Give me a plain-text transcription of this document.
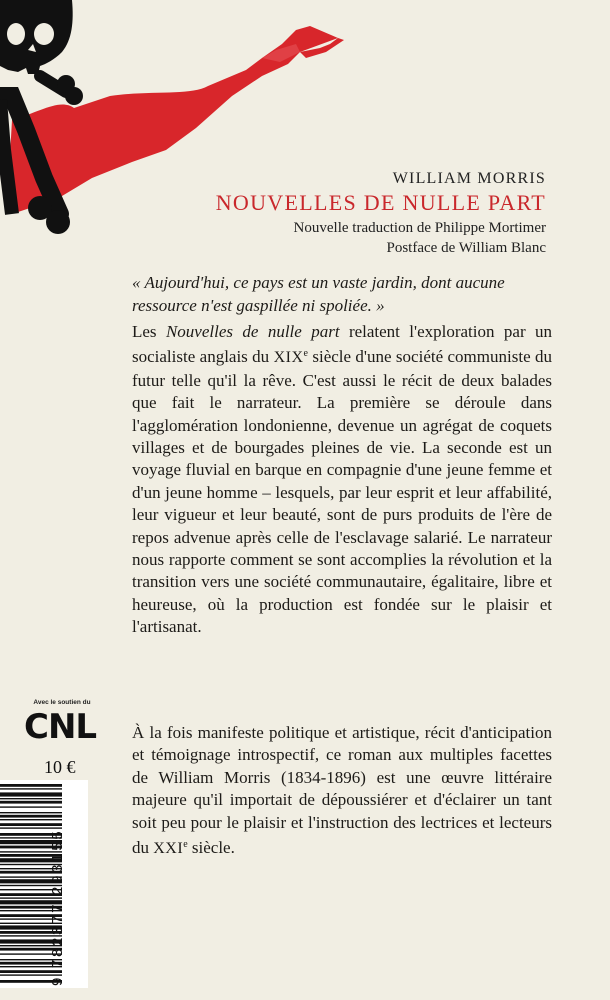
WILLIAM MORRIS
NOUVELLES DE NULLE PART
Nouvelle traduction de Philippe Mortimer
Postface de William Blanc
« Aujourd'hui, ce pays est un vaste jardin, dont aucune ressource n'est gaspillée ni spoliée. »
Les Nouvelles de nulle part relatent l'exploration par un socialiste anglais du XIXe siècle d'une société communiste du futur telle qu'il la rêve. C'est aussi le récit de deux balades que fait le narrateur. La première se déroule dans l'agglomération londonienne, devenue un agrégat de coquets villages et de bourgades pleines de vie. La seconde est un voyage fluvial en barque en compagnie d'une jeune femme et d'un jeune homme – lesquels, par leur esprit et leur affabilité, leur vigueur et leur beauté, sont de purs produits de l'ère de repos advenue après celle de l'esclavage salarié. Le narrateur nous rapporte comment se sont accomplies la révolution et la transition vers une société communautaire, égalitaire, libre et heureuse, où la production est fondée sur le plaisir et l'artisanat.
À la fois manifeste politique et artistique, récit d'anticipation et témoignage introspectif, ce roman aux multiples facettes de William Morris (1834-1896) est une œuvre littéraire majeure qu'il importait de dépoussiérer et d'éclairer un tant soit peu pour le plaisir et l'instruction des lectrices et lecteurs du XXIe siècle.
Avec le soutien du
CNL
10 €
9 782377 293155
